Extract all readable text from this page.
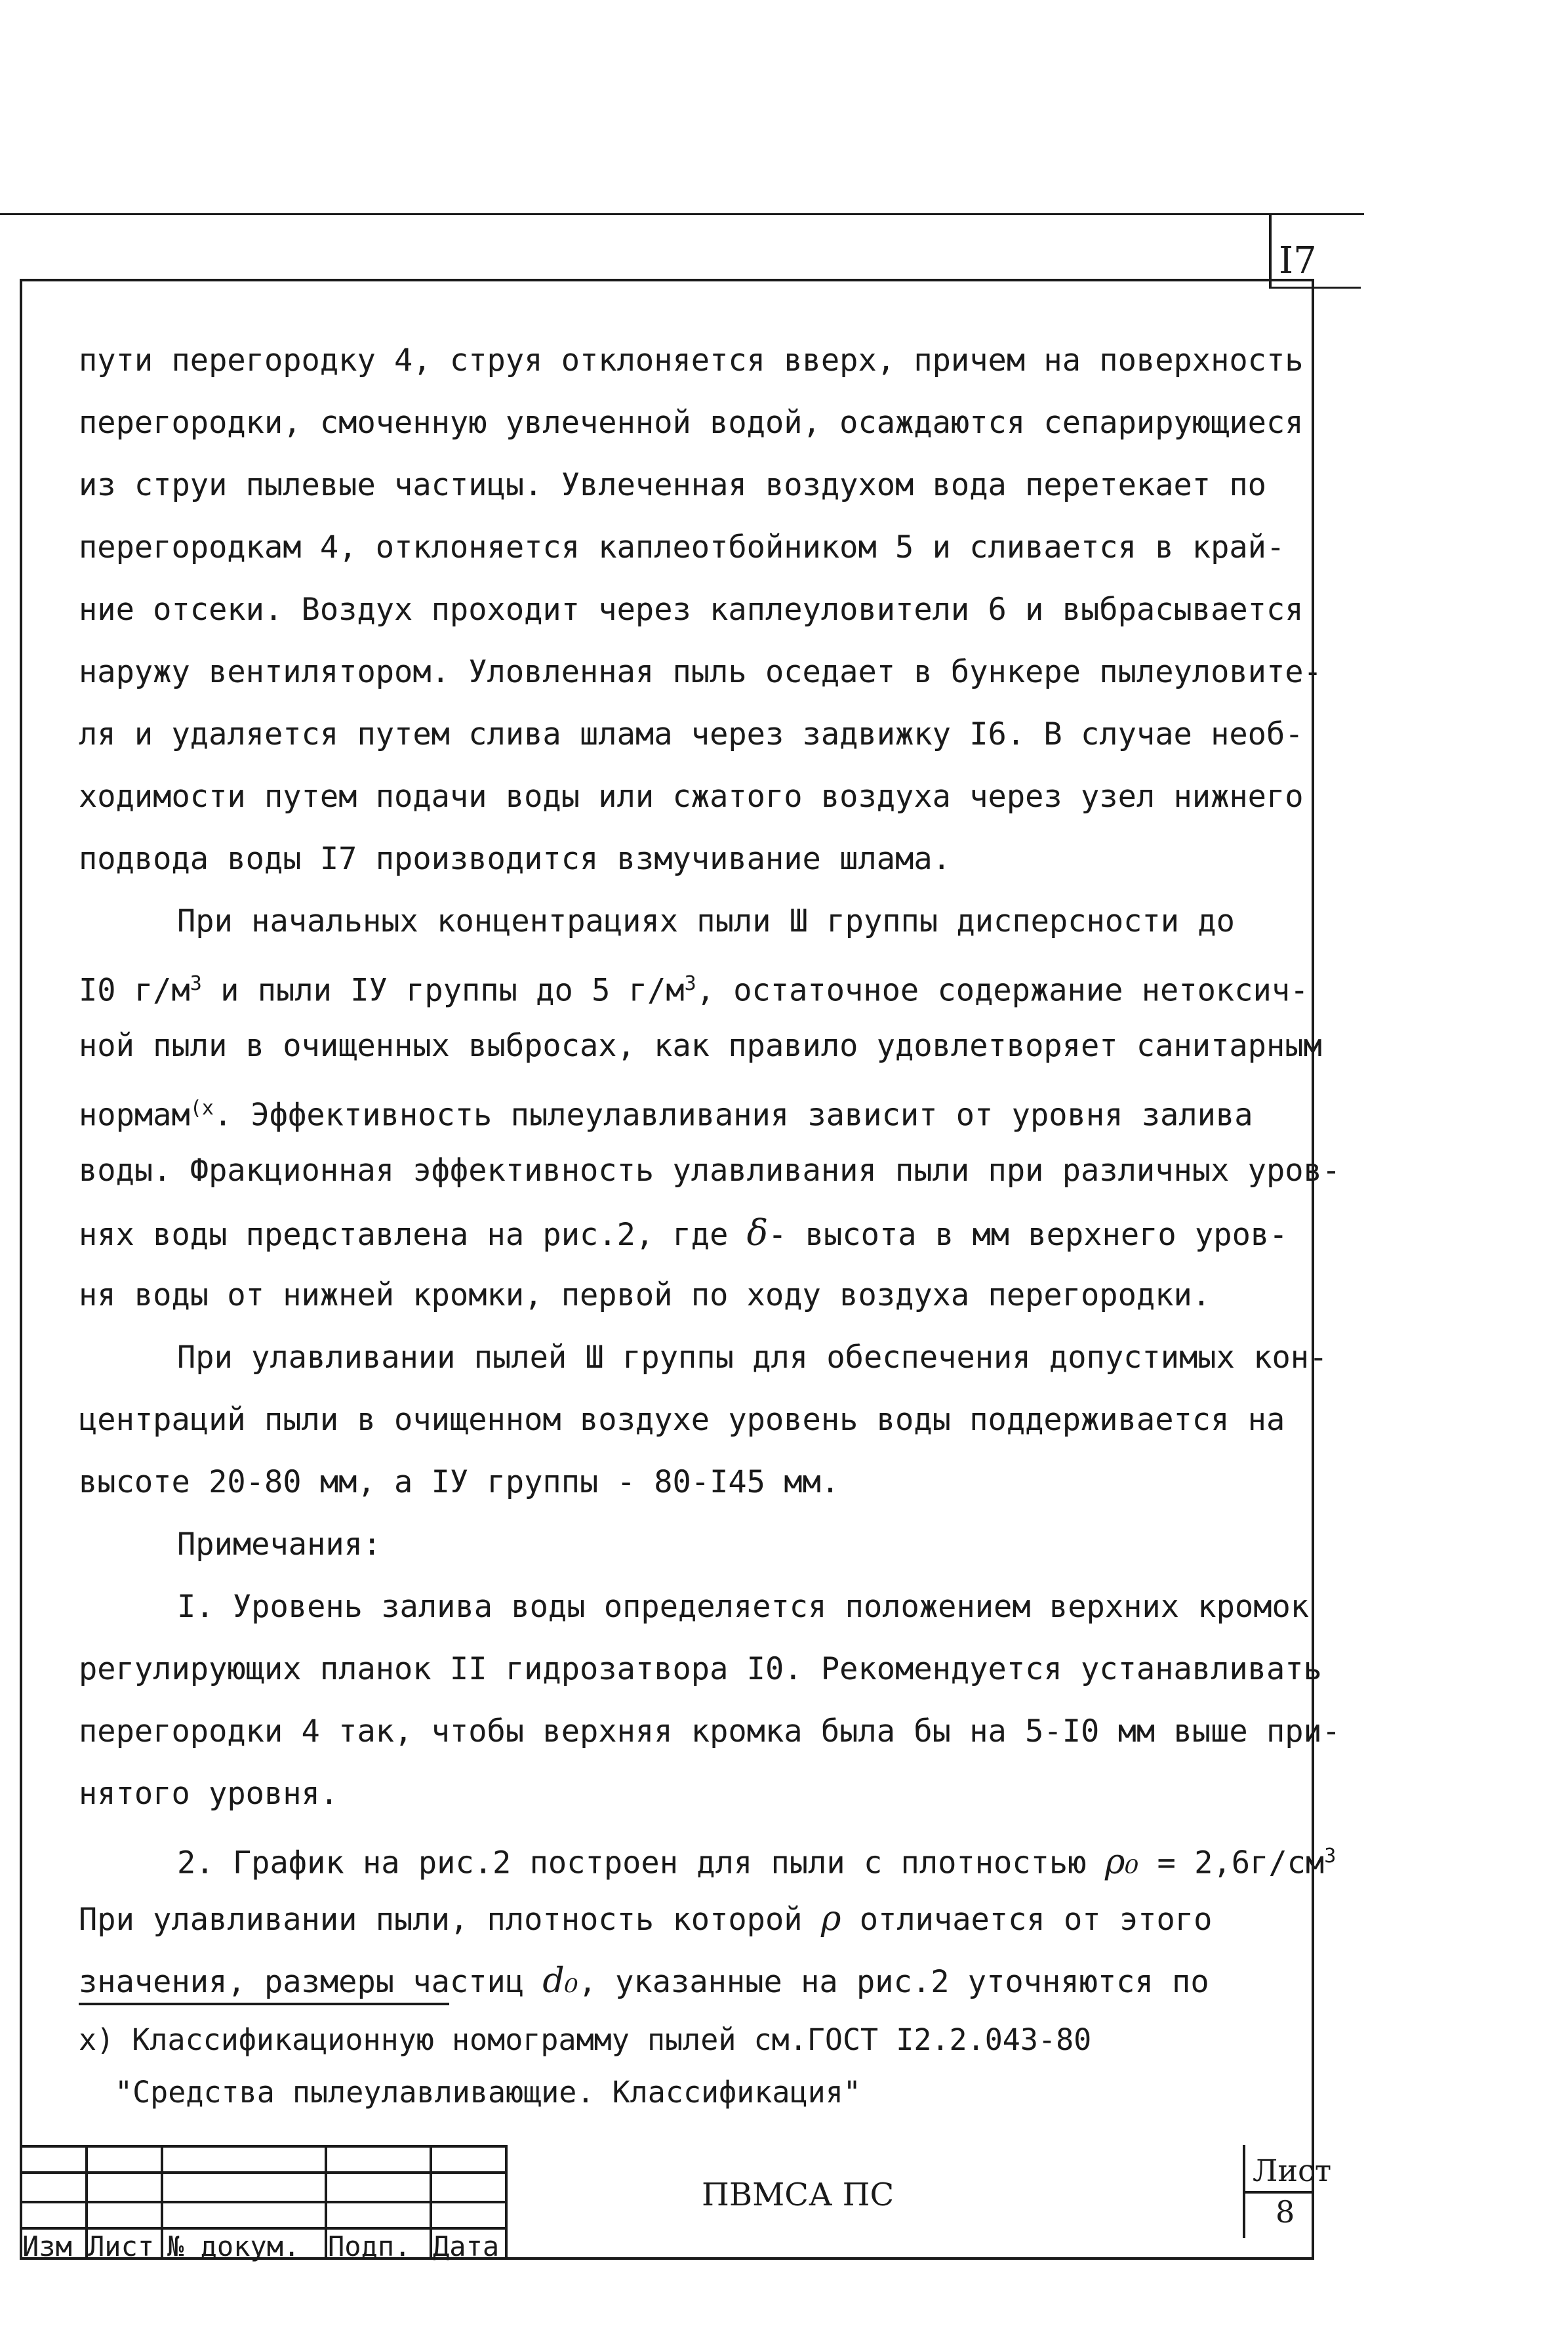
I7
пути перегородку 4, струя отклоняется вверх, причем на поверхность
перегородки, смоченную увлеченной водой, осаждаются сепарирующиеся
из струи пылевые частицы. Увлеченная воздухом вода перетекает по
перегородкам 4, отклоняется каплеотбойником 5 и сливается в край-
ние отсеки. Воздух проходит через каплеуловители 6 и выбрасывается
наружу вентилятором. Уловленная пыль оседает в бункере пылеуловите-
ля и удаляется путем слива шлама через задвижку I6. В случае необ-
ходимости путем подачи воды или сжатого воздуха через узел нижнего
подвода воды I7 производится взмучивание шлама.
При начальных концентрациях пыли Ш группы дисперсности до
I0 $г/м^3$ и пыли IУ группы до 5 $г/м^3$, остаточное содержание нетоксич-
ной пыли в очищенных выбросах, как правило удовлетворяет санитарным
нормам$^{(x}$. Эффективность пылеулавливания зависит от уровня залива
воды. Фракционная эффективность улавливания пыли при различных уров-
нях воды представлена на рис.2, где δ- высота в мм верхнего уров-
ня воды от нижней кромки, первой по ходу воздуха перегородки.
При улавливании пылей Ш группы для обеспечения допустимых кон-
центраций пыли в очищенном воздухе уровень воды поддерживается на
высоте 20-80 мм, а IУ группы - 80-I45 мм.
Примечания:
I. Уровень залива воды определяется положением верхних кромок
регулирующих планок II гидрозатвора I0. Рекомендуется устанавливать
перегородки 4 так, чтобы верхняя кромка была бы на 5-I0 мм выше при-
нятого уровня.
2. График на рис.2 построен для пыли с плотностью $\rho_0 = 2,6г/см^3$
При улавливании пыли, плотность которой ρ отличается от этого
значения, размеры частиц d₀, указанные на рис.2 уточняются по
х) Классификационную номограмму пылей см.ГОСТ I2.2.043-80
"Средства пылеулавливающие. Классификация"
Изм Лист № докум. Подп. Дата
ПВМСА ПС
Лист
8
